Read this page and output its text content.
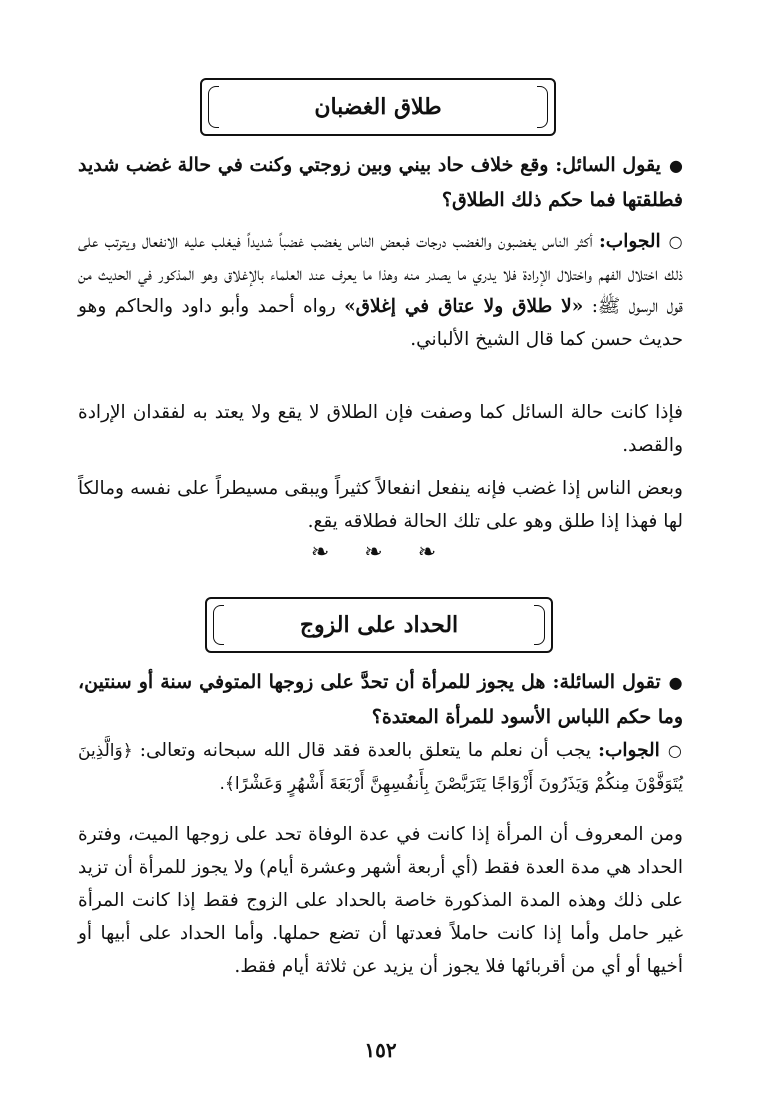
طلاق الغضبان

●يقول السائل: وقع خلاف حاد بيني وبين زوجتي وكنت في حالة غضب شديد فطلقتها فما حكم ذلك الطلاق؟

○الجواب: أكثر الناس يغضبون والغضب درجات فبعض الناس يغضب غضباً شديداً فيغلب عليه الانفعال ويترتب على ذلك اختلال الفهم واختلال الإرادة فلا يدري ما يصدر منه وهذا ما يعرف عند العلماء بالإغلاق وهو المذكور في الحديث من قول الرسول ﷺ: «لا طلاق ولا عتاق في إغلاق» رواه أحمد وأبو داود والحاكم وهو حديث حسن كما قال الشيخ الألباني.

فإذا كانت حالة السائل كما وصفت فإن الطلاق لا يقع ولا يعتد به لفقدان الإرادة والقصد.

وبعض الناس إذا غضب فإنه ينفعل انفعالاً كثيراً ويبقى مسيطراً على نفسه ومالكاً لها فهذا إذا طلق وهو على تلك الحالة فطلاقه يقع.

❧ ❧ ❧
الحداد على الزوج

●تقول السائلة: هل يجوز للمرأة أن تحدَّ على زوجها المتوفي سنة أو سنتين، وما حكم اللباس الأسود للمرأة المعتدة؟

○الجواب: يجب أن نعلم ما يتعلق بالعدة فقد قال الله سبحانه وتعالى: ﴿وَالَّذِينَ يُتَوَفَّوْنَ مِنكُمْ وَيَذَرُونَ أَزْوَاجًا يَتَرَبَّصْنَ بِأَنفُسِهِنَّ أَرْبَعَةَ أَشْهُرٍ وَعَشْرًا﴾.

ومن المعروف أن المرأة إذا كانت في عدة الوفاة تحد على زوجها الميت، وفترة الحداد هي مدة العدة فقط (أي أربعة أشهر وعشرة أيام) ولا يجوز للمرأة أن تزيد على ذلك وهذه المدة المذكورة خاصة بالحداد على الزوج فقط إذا كانت المرأة غير حامل وأما إذا كانت حاملاً فعدتها أن تضع حملها. وأما الحداد على أبيها أو أخيها أو أي من أقربائها فلا يجوز أن يزيد عن ثلاثة أيام فقط.

١٥٢
